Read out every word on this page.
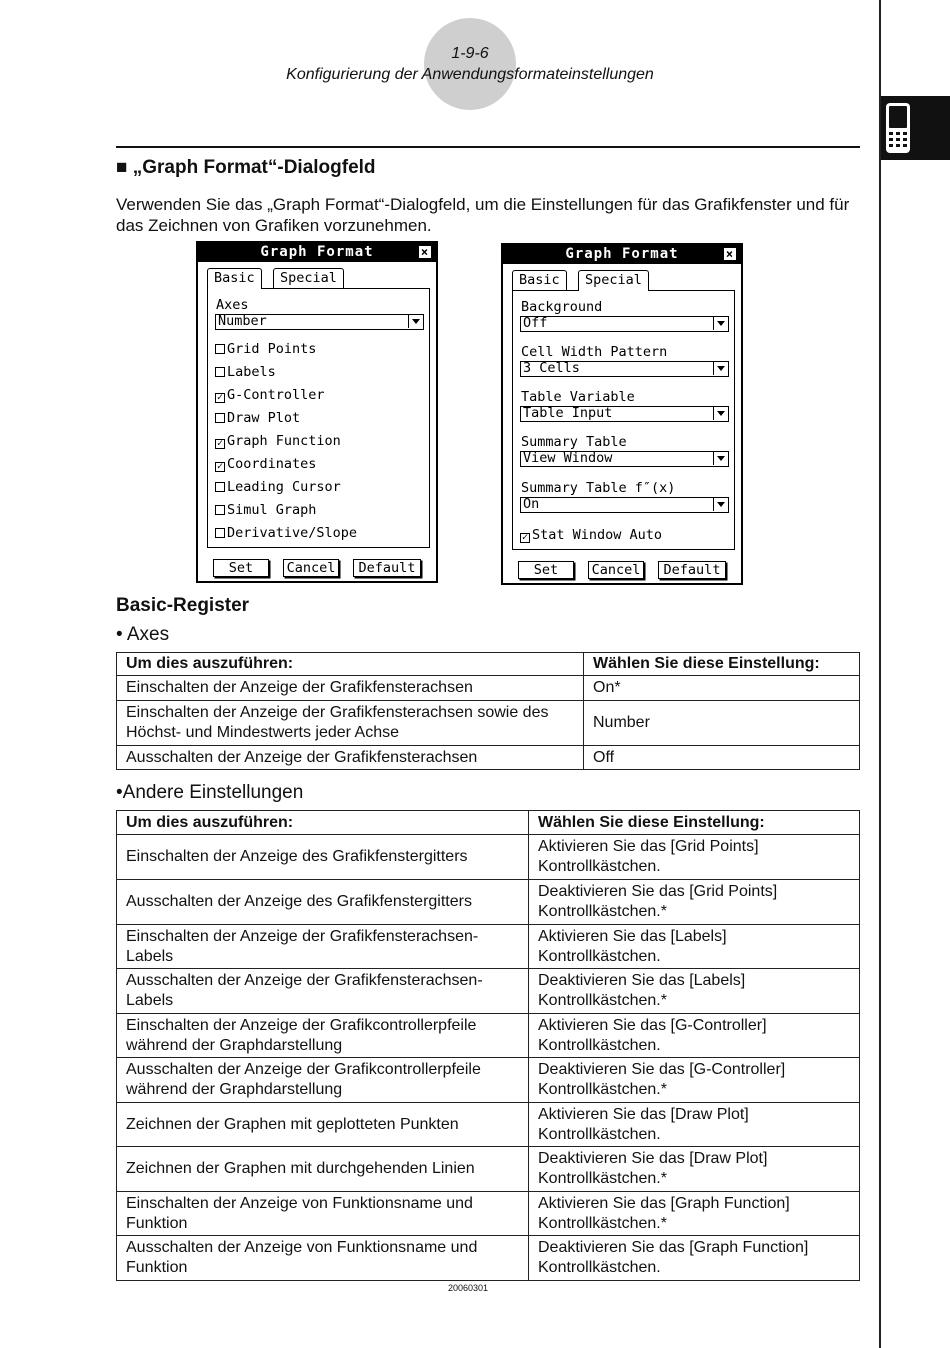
1-9-6
Konfigurierung der Anwendungsformateinstellungen
■ „Graph Format“-Dialogfeld
Verwenden Sie das „Graph Format“-Dialogfeld, um die Einstellungen für das Grafikfenster und für das Zeichnen von Grafiken vorzunehmen.
Graph Format	×
Basic	Special
Axes
Number
Grid Points
Labels
✓ G-Controller
Draw Plot
✓ Graph Function
✓ Coordinates
Leading Cursor
Simul Graph
Derivative/Slope
Set	Cancel	Default
Graph Format	×
Basic	Special
Background
Off
Cell Width Pattern
3 Cells
Table Variable
Table Input
Summary Table
View Window
Summary Table f″(x)
On
✓ Stat Window Auto
Set	Cancel	Default
Basic-Register
• Axes
Um dies auszuführen:	Wählen Sie diese Einstellung:
Einschalten der Anzeige der Grafikfensterachsen	On*
Einschalten der Anzeige der Grafikfensterachsen sowie des Höchst- und Mindestwerts jeder Achse	Number
Ausschalten der Anzeige der Grafikfensterachsen	Off
•Andere Einstellungen
Um dies auszuführen:	Wählen Sie diese Einstellung:
Einschalten der Anzeige des Grafikfenstergitters	Aktivieren Sie das [Grid Points] Kontrollkästchen.
Ausschalten der Anzeige des Grafikfenstergitters	Deaktivieren Sie das [Grid Points] Kontrollkästchen.*
Einschalten der Anzeige der Grafikfensterachsen-Labels	Aktivieren Sie das [Labels] Kontrollkästchen.
Ausschalten der Anzeige der Grafikfensterachsen-Labels	Deaktivieren Sie das [Labels] Kontrollkästchen.*
Einschalten der Anzeige der Grafikcontrollerpfeile während der Graphdarstellung	Aktivieren Sie das [G-Controller] Kontrollkästchen.
Ausschalten der Anzeige der Grafikcontrollerpfeile während der Graphdarstellung	Deaktivieren Sie das [G-Controller] Kontrollkästchen.*
Zeichnen der Graphen mit geplotteten Punkten	Aktivieren Sie das [Draw Plot] Kontrollkästchen.
Zeichnen der Graphen mit durchgehenden Linien	Deaktivieren Sie das [Draw Plot] Kontrollkästchen.*
Einschalten der Anzeige von Funktionsname und Funktion	Aktivieren Sie das [Graph Function] Kontrollkästchen.*
Ausschalten der Anzeige von Funktionsname und Funktion	Deaktivieren Sie das [Graph Function] Kontrollkästchen.
20060301
